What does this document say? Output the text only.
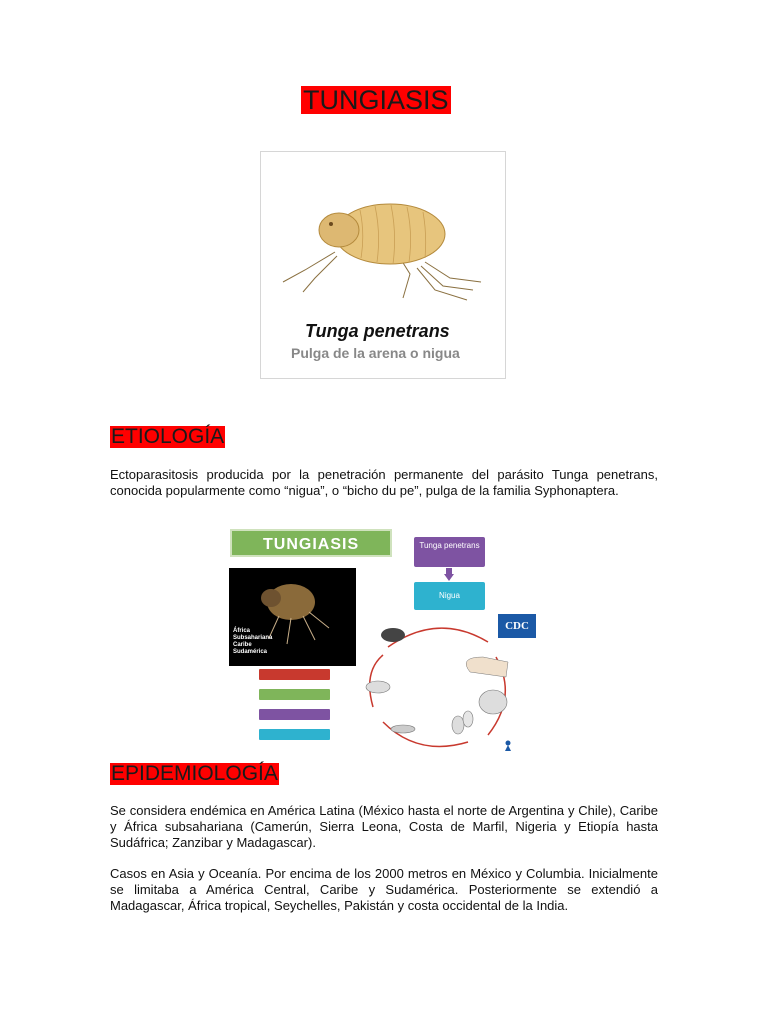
TUNGIASIS
Tunga penetrans
Pulga de la arena o nigua
ETIOLOGÍA

Ectoparasitosis producida por la penetración permanente del parásito Tunga penetrans, conocida popularmente como “nigua”, o “bicho du pe”, pulga de la familia Syphonaptera.

TUNGIASIS
África
Subsahariana
Caribe
Sudamérica
Tunga penetrans
Nigua
CDC
EPIDEMIOLOGÍA

Se considera endémica en América Latina (México hasta el norte de Argentina y Chile), Caribe y África subsahariana (Camerún, Sierra Leona, Costa de Marfil, Nigeria y Etiopía hasta Sudáfrica; Zanzibar y Madagascar).

Casos en Asia y Oceanía. Por encima de los 2000 metros en México y Columbia. Inicialmente se limitaba a América Central, Caribe y Sudamérica. Posteriormente se extendió a Madagascar, África tropical, Seychelles, Pakistán y costa occidental de la India.
